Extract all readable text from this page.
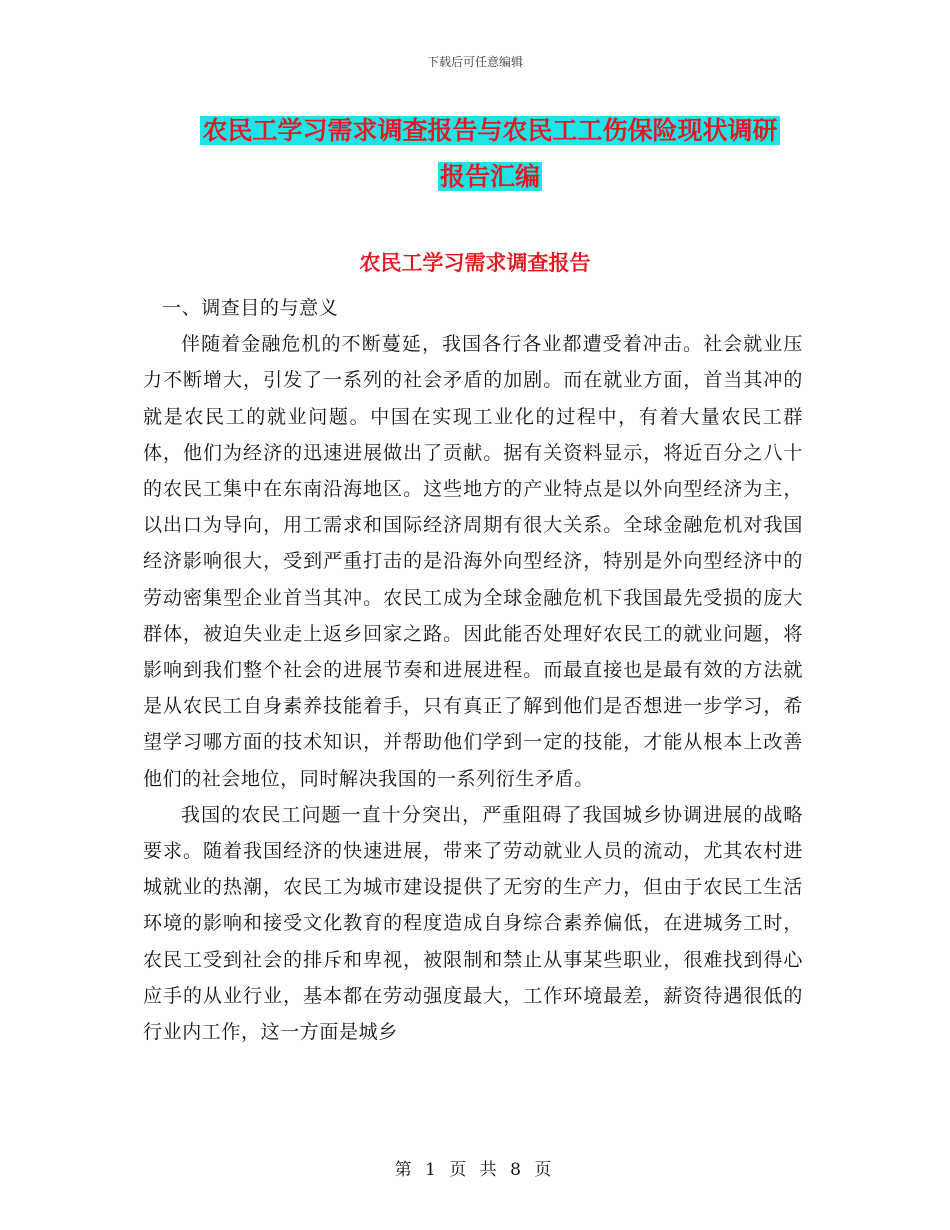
下载后可任意编辑
农民工学习需求调查报告与农民工工伤保险现状调研
报告汇编
农民工学习需求调查报告

一、调查目的与意义

伴随着金融危机的不断蔓延，我国各行各业都遭受着冲击。社会就业压力不断增大，引发了一系列的社会矛盾的加剧。而在就业方面，首当其冲的就是农民工的就业问题。中国在实现工业化的过程中，有着大量农民工群体，他们为经济的迅速进展做出了贡献。据有关资料显示，将近百分之八十的农民工集中在东南沿海地区。这些地方的产业特点是以外向型经济为主，以出口为导向，用工需求和国际经济周期有很大关系。全球金融危机对我国经济影响很大，受到严重打击的是沿海外向型经济，特别是外向型经济中的劳动密集型企业首当其冲。农民工成为全球金融危机下我国最先受损的庞大群体，被迫失业走上返乡回家之路。因此能否处理好农民工的就业问题，将影响到我们整个社会的进展节奏和进展进程。而最直接也是最有效的方法就是从农民工自身素养技能着手，只有真正了解到他们是否想进一步学习，希望学习哪方面的技术知识，并帮助他们学到一定的技能，才能从根本上改善他们的社会地位，同时解决我国的一系列衍生矛盾。

我国的农民工问题一直十分突出，严重阻碍了我国城乡协调进展的战略要求。随着我国经济的快速进展，带来了劳动就业人员的流动，尤其农村进城就业的热潮，农民工为城市建设提供了无穷的生产力，但由于农民工生活环境的影响和接受文化教育的程度造成自身综合素养偏低，在进城务工时，农民工受到社会的排斥和卑视，被限制和禁止从事某些职业，很难找到得心应手的从业行业，基本都在劳动强度最大，工作环境最差，薪资待遇很低的行业内工作，这一方面是城乡

第 1 页 共 8 页
